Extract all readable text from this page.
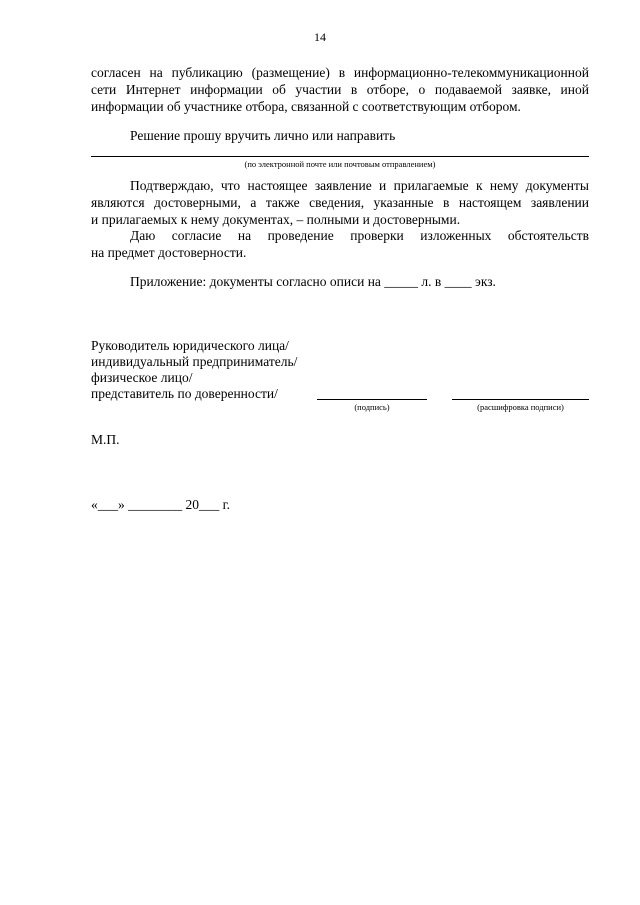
14
согласен на публикацию (размещение) в информационно-телекоммуникационной
сети Интернет информации об участии в отборе, о подаваемой заявке, иной
информации об участнике отбора, связанной с соответствующим отбором.
Решение прошу вручить лично или направить
(по электронной почте или почтовым отправлением)
Подтверждаю, что настоящее заявление и прилагаемые к нему документы
являются достоверными, а также сведения, указанные в настоящем заявлении
и прилагаемых к нему документах, – полными и достоверными.
Даю согласие на проведение проверки изложенных обстоятельств
на предмет достоверности.
Приложение: документы согласно описи на _____ л. в ____ экз.
Руководитель юридического лица/
индивидуальный предприниматель/
физическое лицо/
представитель по доверенности/
(подпись)	(расшифровка подписи)
М.П.
«___» ________ 20___ г.
